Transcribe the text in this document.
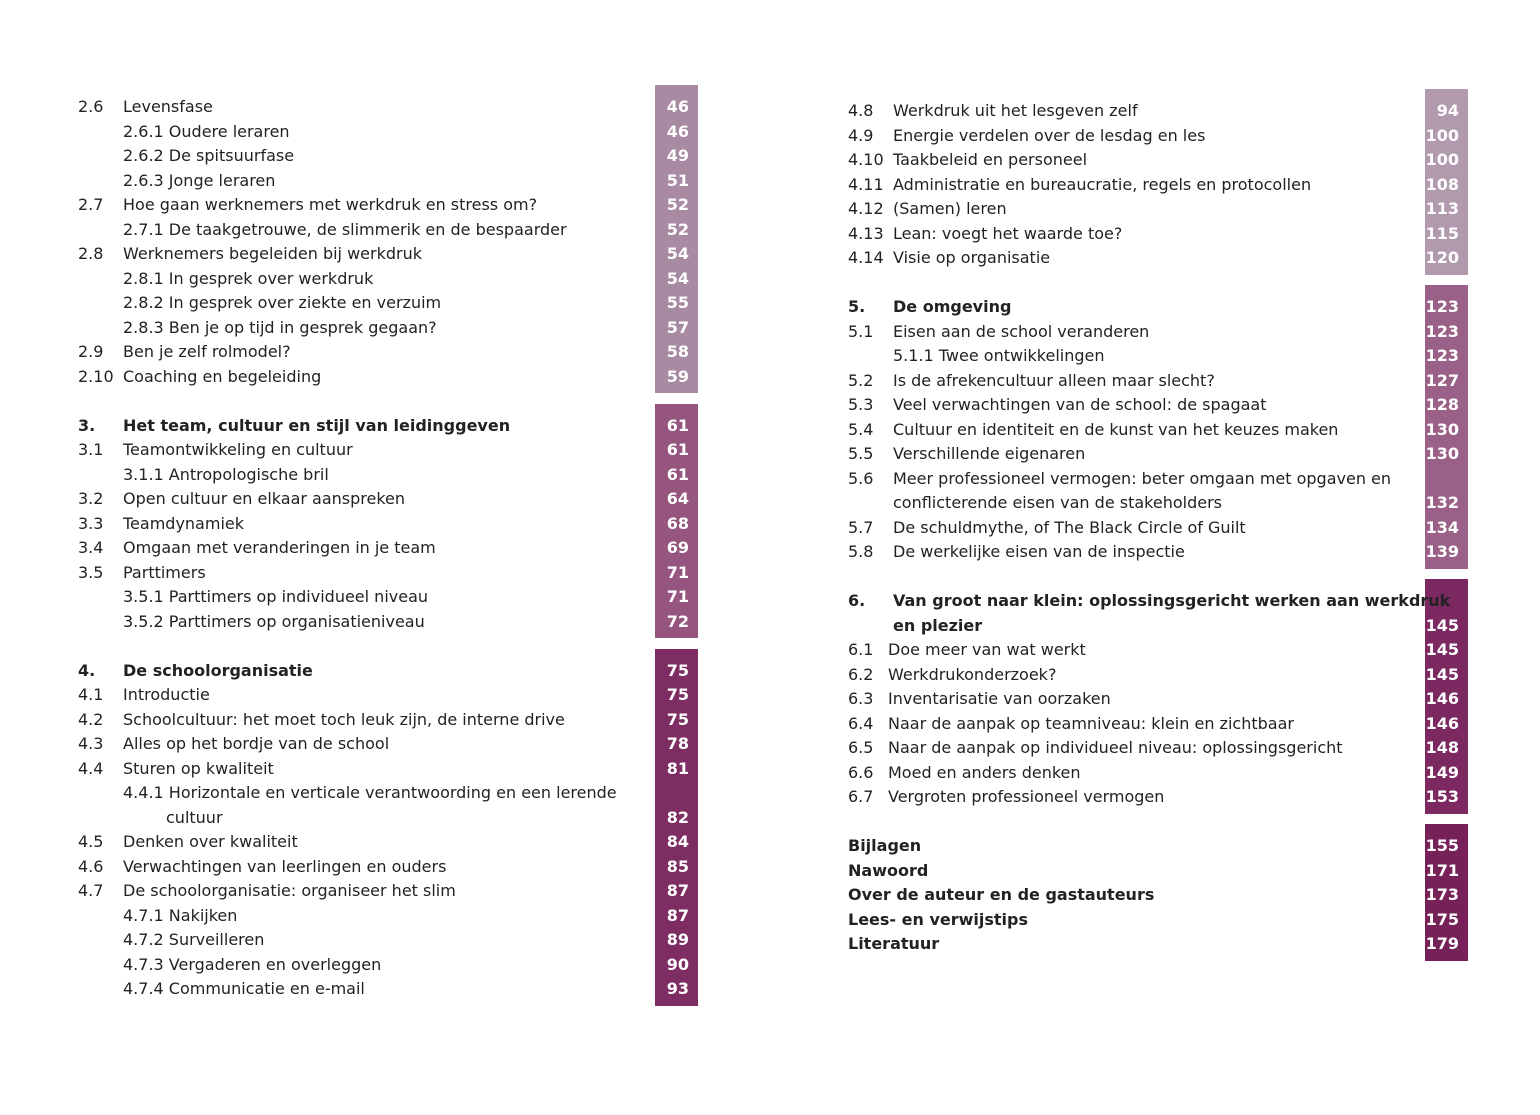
2.6 Levensfase	46
2.6.1 Oudere leraren	46
2.6.2 De spitsuurfase	49
2.6.3 Jonge leraren	51
2.7 Hoe gaan werknemers met werkdruk en stress om?	52
2.7.1 De taakgetrouwe, de slimmerik en de bespaarder	52
2.8 Werknemers begeleiden bij werkdruk	54
2.8.1 In gesprek over werkdruk	54
2.8.2 In gesprek over ziekte en verzuim	55
2.8.3 Ben je op tijd in gesprek gegaan?	57
2.9 Ben je zelf rolmodel?	58
2.10 Coaching en begeleiding	59
3. Het team, cultuur en stijl van leidinggeven	61
3.1 Teamontwikkeling en cultuur	61
3.1.1 Antropologische bril	61
3.2 Open cultuur en elkaar aanspreken	64
3.3 Teamdynamiek	68
3.4 Omgaan met veranderingen in je team	69
3.5 Parttimers	71
3.5.1 Parttimers op individueel niveau	71
3.5.2 Parttimers op organisatieniveau	72
4. De schoolorganisatie	75
4.1 Introductie	75
4.2 Schoolcultuur: het moet toch leuk zijn, de interne drive	75
4.3 Alles op het bordje van de school	78
4.4 Sturen op kwaliteit	81
4.4.1 Horizontale en verticale verantwoording en een lerende
cultuur	82
4.5 Denken over kwaliteit	84
4.6 Verwachtingen van leerlingen en ouders	85
4.7 De schoolorganisatie: organiseer het slim	87
4.7.1 Nakijken	87
4.7.2 Surveilleren	89
4.7.3 Vergaderen en overleggen	90
4.7.4 Communicatie en e-mail	93
4.8 Werkdruk uit het lesgeven zelf	94
4.9 Energie verdelen over de lesdag en les	100
4.10 Taakbeleid en personeel	100
4.11 Administratie en bureaucratie, regels en protocollen	108
4.12 (Samen) leren	113
4.13 Lean: voegt het waarde toe?	115
4.14 Visie op organisatie	120
5. De omgeving	123
5.1 Eisen aan de school veranderen	123
5.1.1 Twee ontwikkelingen	123
5.2 Is de afrekencultuur alleen maar slecht?	127
5.3 Veel verwachtingen van de school: de spagaat	128
5.4 Cultuur en identiteit en de kunst van het keuzes maken	130
5.5 Verschillende eigenaren	130
5.6 Meer professioneel vermogen: beter omgaan met opgaven en
conflicterende eisen van de stakeholders	132
5.7 De schuldmythe, of The Black Circle of Guilt	134
5.8 De werkelijke eisen van de inspectie	139
6. Van groot naar klein: oplossingsgericht werken aan werkdruk
en plezier	145
6.1 Doe meer van wat werkt	145
6.2 Werkdrukonderzoek?	145
6.3 Inventarisatie van oorzaken	146
6.4 Naar de aanpak op teamniveau: klein en zichtbaar	146
6.5 Naar de aanpak op individueel niveau: oplossingsgericht	148
6.6 Moed en anders denken	149
6.7 Vergroten professioneel vermogen	153
Bijlagen	155
Nawoord	171
Over de auteur en de gastauteurs	173
Lees- en verwijstips	175
Literatuur	179
